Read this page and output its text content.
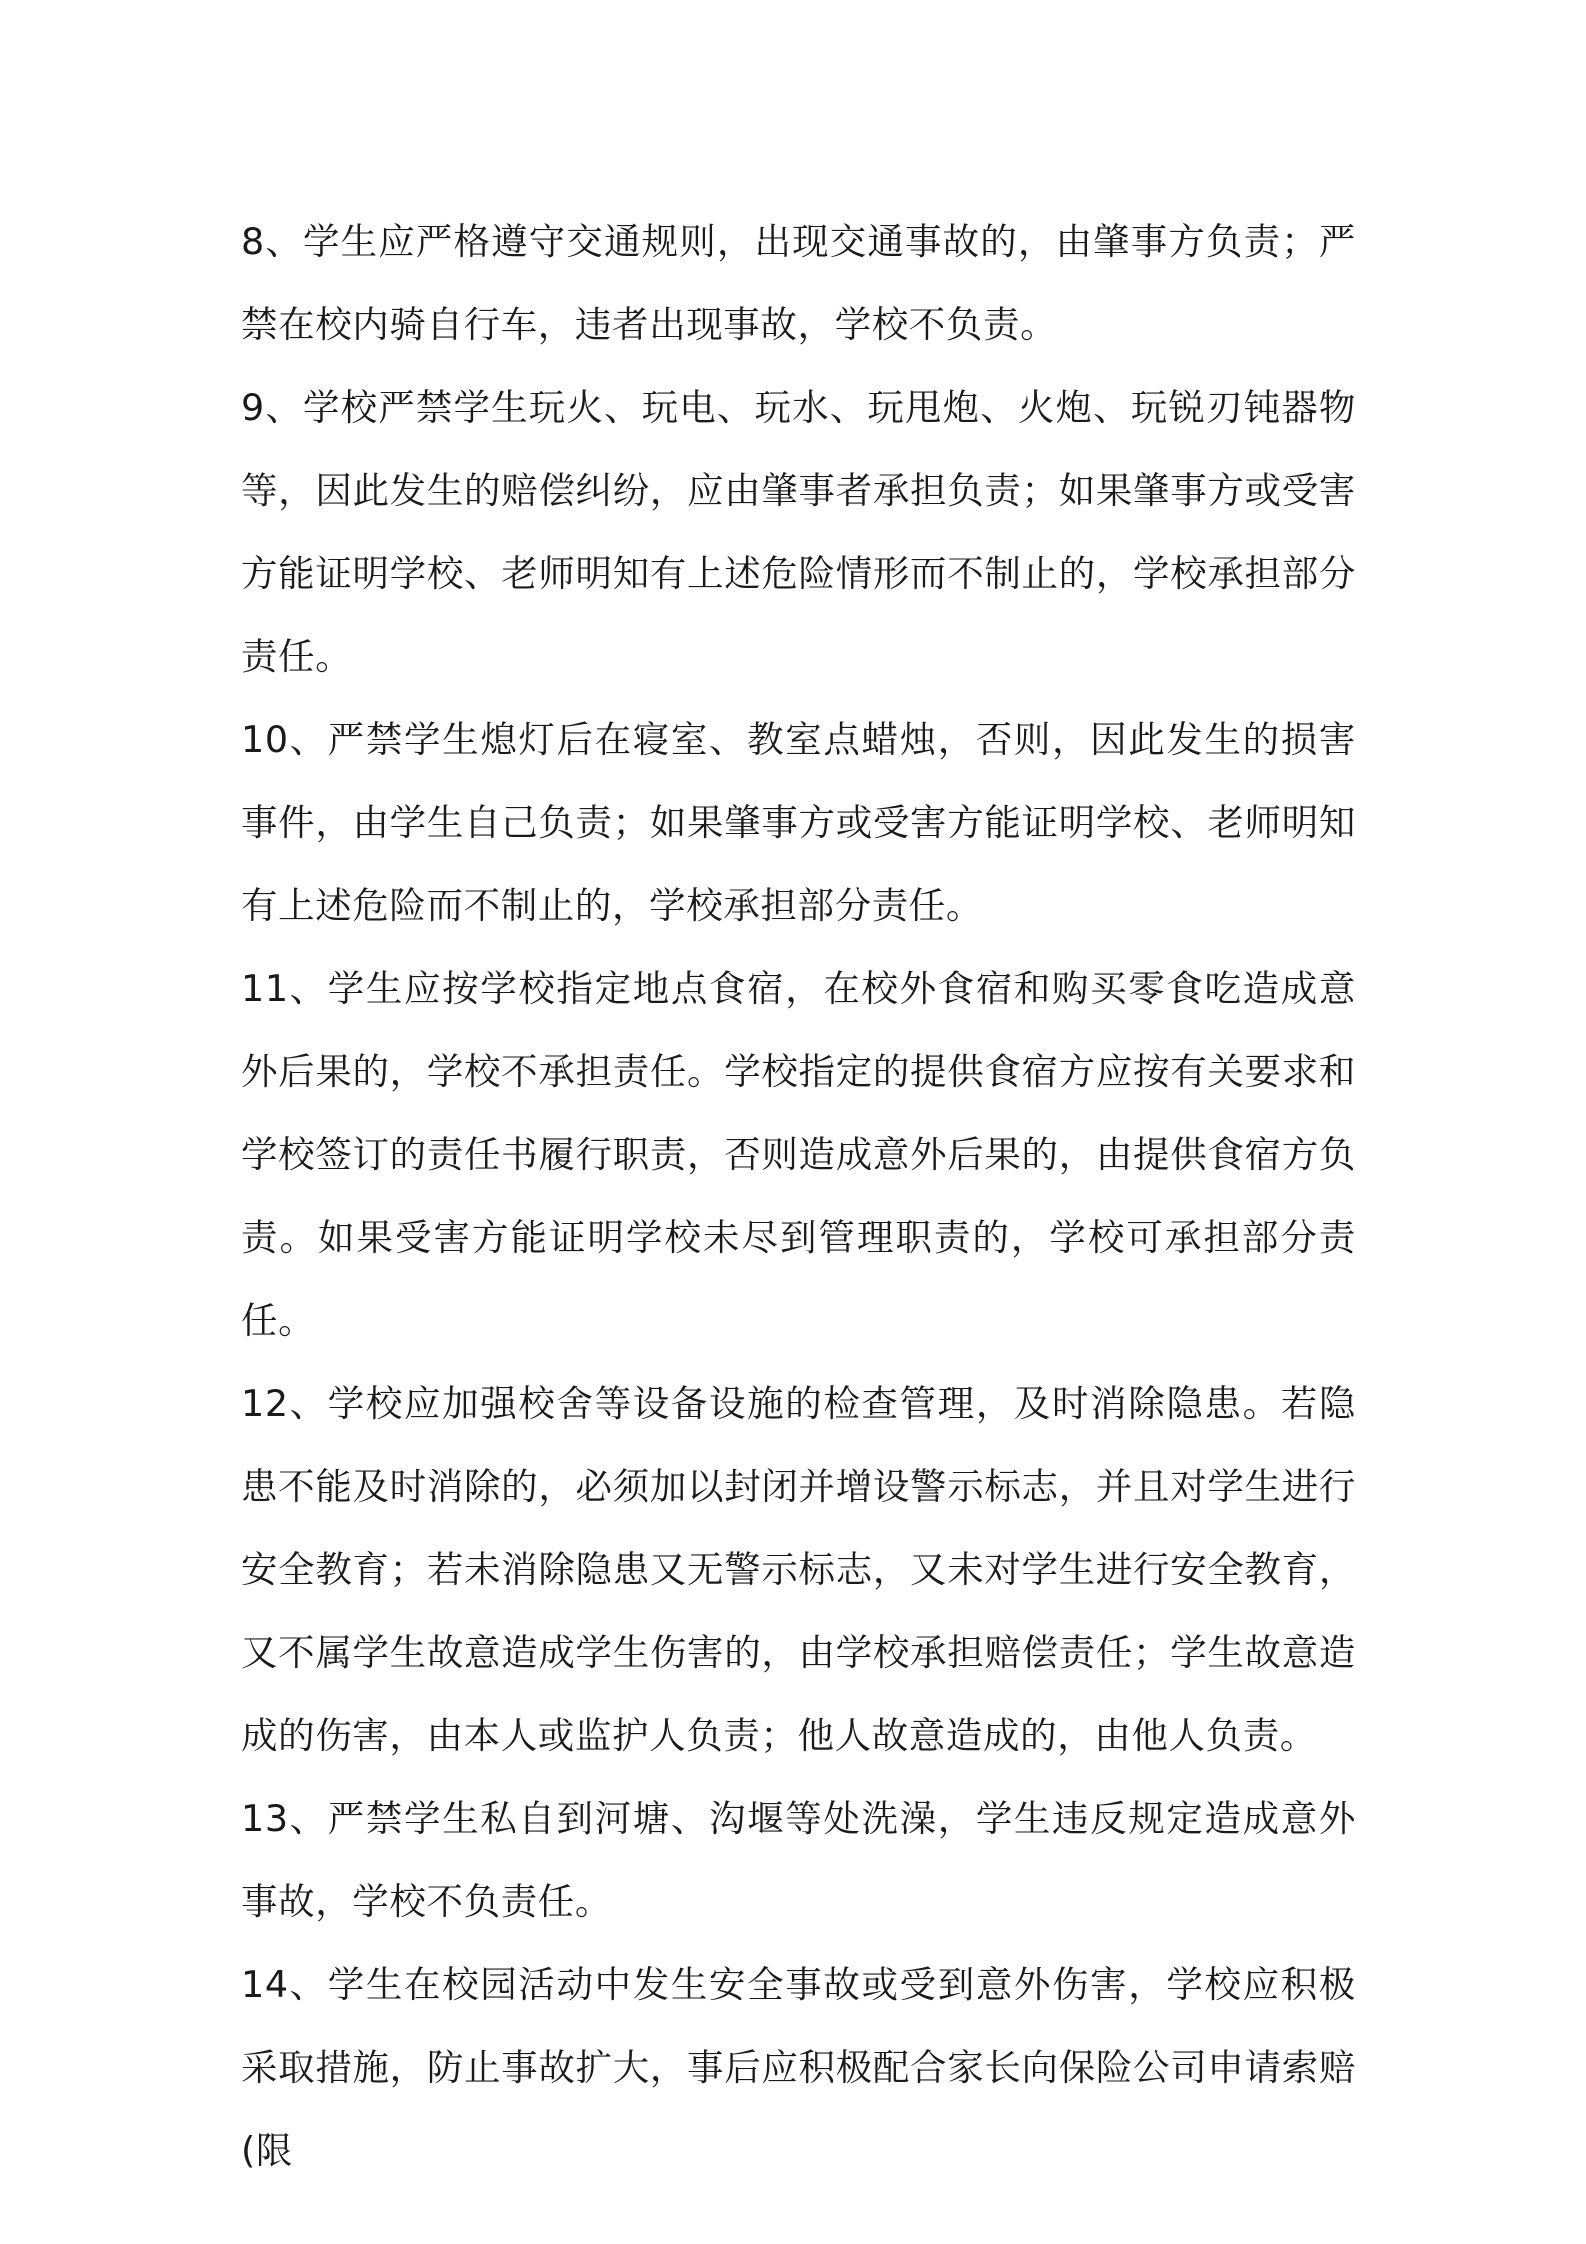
8、学生应严格遵守交通规则，出现交通事故的，由肇事方负责；严禁在校内骑自行车，违者出现事故，学校不负责。

9、学校严禁学生玩火、玩电、玩水、玩甩炮、火炮、玩锐刃钝器物等，因此发生的赔偿纠纷，应由肇事者承担负责；如果肇事方或受害方能证明学校、老师明知有上述危险情形而不制止的，学校承担部分责任。

10、严禁学生熄灯后在寝室、教室点蜡烛，否则，因此发生的损害事件，由学生自己负责；如果肇事方或受害方能证明学校、老师明知有上述危险而不制止的，学校承担部分责任。

11、学生应按学校指定地点食宿，在校外食宿和购买零食吃造成意外后果的，学校不承担责任。学校指定的提供食宿方应按有关要求和学校签订的责任书履行职责，否则造成意外后果的，由提供食宿方负责。如果受害方能证明学校未尽到管理职责的，学校可承担部分责任。

12、学校应加强校舍等设备设施的检查管理，及时消除隐患。若隐患不能及时消除的，必须加以封闭并增设警示标志，并且对学生进行安全教育；若未消除隐患又无警示标志，又未对学生进行安全教育，又不属学生故意造成学生伤害的，由学校承担赔偿责任；学生故意造成的伤害，由本人或监护人负责；他人故意造成的，由他人负责。

13、严禁学生私自到河塘、沟堰等处洗澡，学生违反规定造成意外事故，学校不负责任。

14、学生在校园活动中发生安全事故或受到意外伤害，学校应积极采取措施，防止事故扩大，事后应积极配合家长向保险公司申请索赔(限
